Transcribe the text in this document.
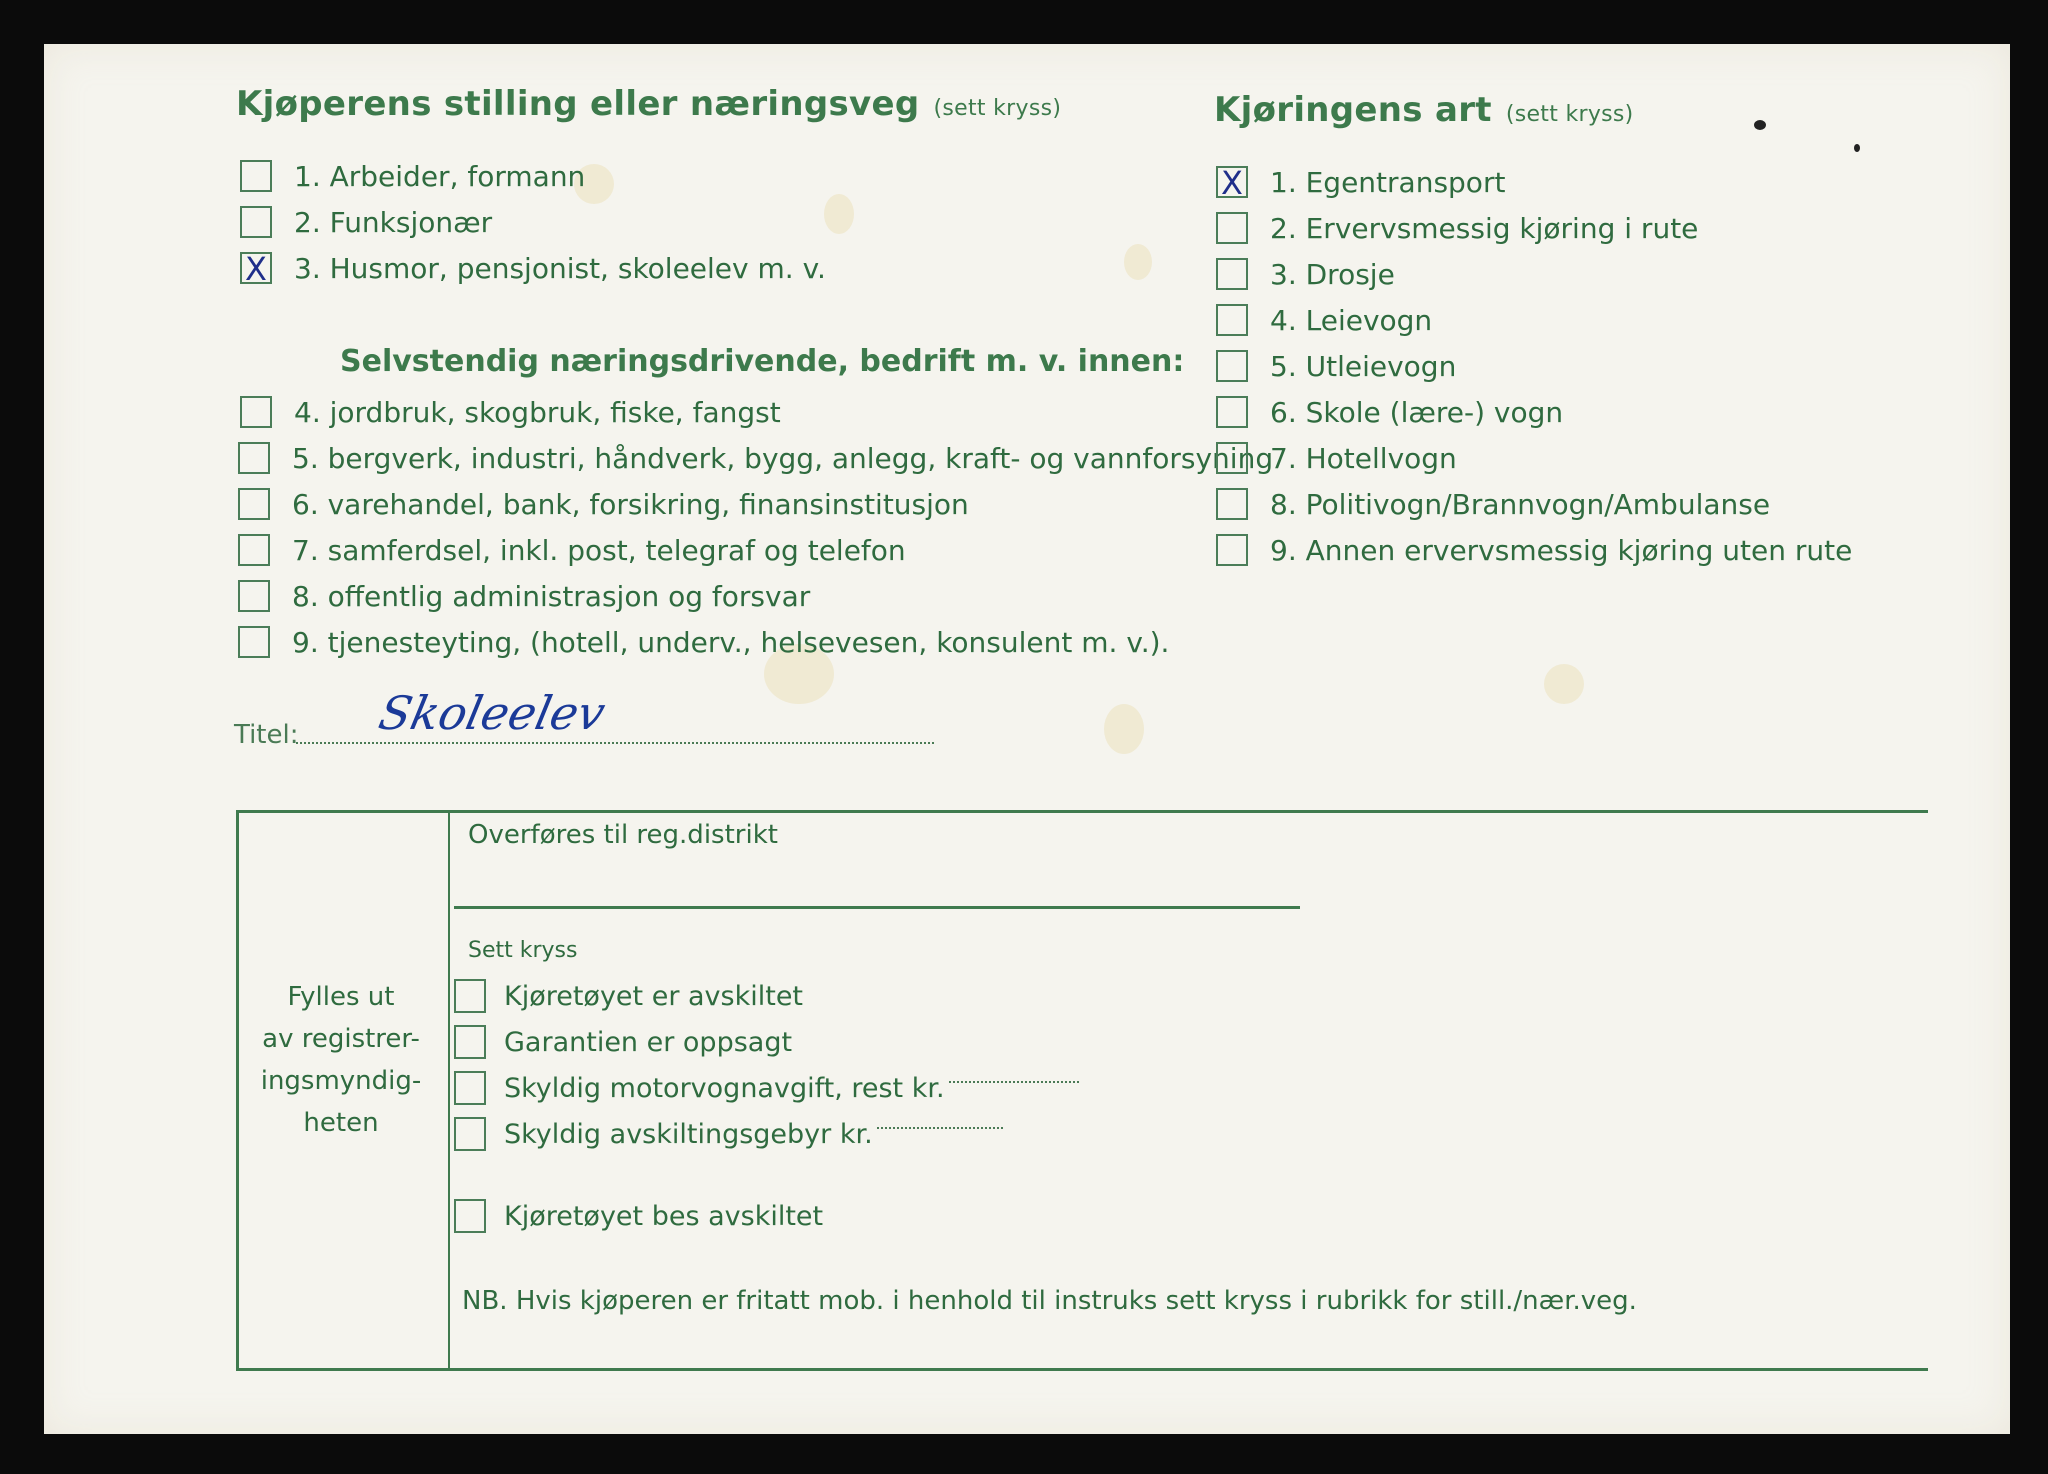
Kjøperens stilling eller næringsveg (sett kryss)
1. Arbeider, formann
2. Funksjonær
X
3. Husmor, pensjonist, skoleelev m. v.
Selvstendig næringsdrivende, bedrift m. v. innen:
4. jordbruk, skogbruk, fiske, fangst
5. bergverk, industri, håndverk, bygg, anlegg, kraft- og vannforsyning
6. varehandel, bank, forsikring, finansinstitusjon
7. samferdsel, inkl. post, telegraf og telefon
8. offentlig administrasjon og forsvar
9. tjenesteyting, (hotell, underv., helsevesen, konsulent m. v.).
Kjøringens art (sett kryss)
X
1. Egentransport
2. Ervervsmessig kjøring i rute
3. Drosje
4. Leievogn
5. Utleievogn
6. Skole (lære-) vogn
7. Hotellvogn
8. Politivogn/Brannvogn/Ambulanse
9. Annen ervervsmessig kjøring uten rute
Titel: Skoleelev
Fylles ut
av registrer-
ingsmyndig-
heten
Overføres til reg.distrikt
Sett kryss
Kjøretøyet er avskiltet
Garantien er oppsagt
Skyldig motorvognavgift, rest kr.
Skyldig avskiltingsgebyr kr.
Kjøretøyet bes avskiltet
NB. Hvis kjøperen er fritatt mob. i henhold til instruks sett kryss i rubrikk for still./nær.veg.
